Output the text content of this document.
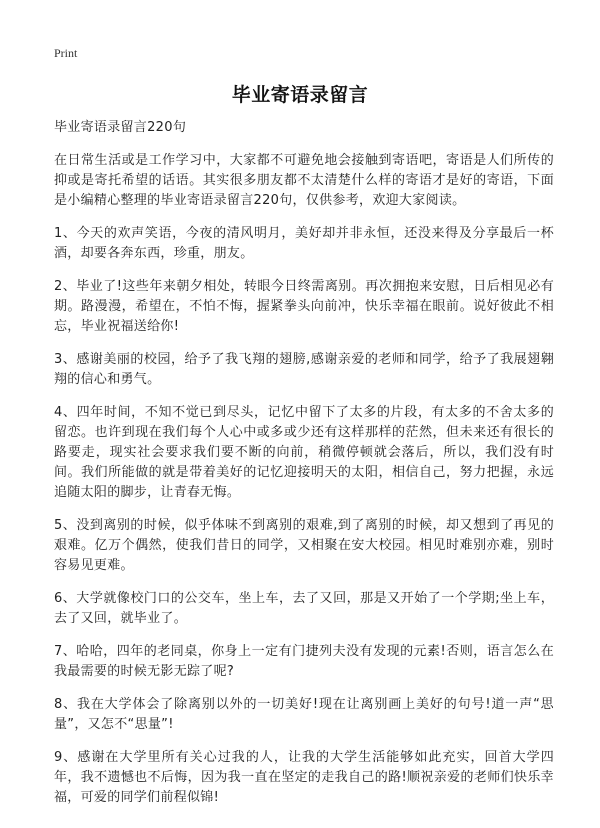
Print
毕业寄语录留言

毕业寄语录留言220句

在日常生活或是工作学习中，大家都不可避免地会接触到寄语吧，寄语是人们所传的抑或是寄托希望的话语。其实很多朋友都不太清楚什么样的寄语才是好的寄语，下面是小编精心整理的毕业寄语录留言220句，仅供参考，欢迎大家阅读。

1、今天的欢声笑语，今夜的清风明月，美好却并非永恒，还没来得及分享最后一杯酒，却要各奔东西，珍重，朋友。

2、毕业了!这些年来朝夕相处，转眼今日终需离别。再次拥抱来安慰，日后相见必有期。路漫漫，希望在，不怕不悔，握紧拳头向前冲，快乐幸福在眼前。说好彼此不相忘，毕业祝福送给你!

3、感谢美丽的校园，给予了我飞翔的翅膀,感谢亲爱的老师和同学，给予了我展翅翱翔的信心和勇气。

4、四年时间，不知不觉已到尽头，记忆中留下了太多的片段，有太多的不舍太多的留恋。也许到现在我们每个人心中或多或少还有这样那样的茫然，但未来还有很长的路要走，现实社会要求我们要不断的向前，稍微停顿就会落后，所以，我们没有时间。我们所能做的就是带着美好的记忆迎接明天的太阳，相信自己，努力把握，永远追随太阳的脚步，让青春无悔。

5、没到离别的时候，似乎体味不到离别的艰难,到了离别的时候，却又想到了再见的艰难。亿万个偶然，使我们昔日的同学，又相聚在安大校园。相见时难别亦难，别时容易见更难。

6、大学就像校门口的公交车，坐上车，去了又回，那是又开始了一个学期;坐上车，去了又回，就毕业了。

7、哈哈，四年的老同桌，你身上一定有门捷列夫没有发现的元素!否则，语言怎么在我最需要的时候无影无踪了呢?

8、我在大学体会了除离别以外的一切美好!现在让离别画上美好的句号!道一声“思量”，又怎不“思量”!

9、感谢在大学里所有关心过我的人，让我的大学生活能够如此充实，回首大学四年，我不遗憾也不后悔，因为我一直在坚定的走我自己的路!顺祝亲爱的老师们快乐幸福，可爱的同学们前程似锦!
